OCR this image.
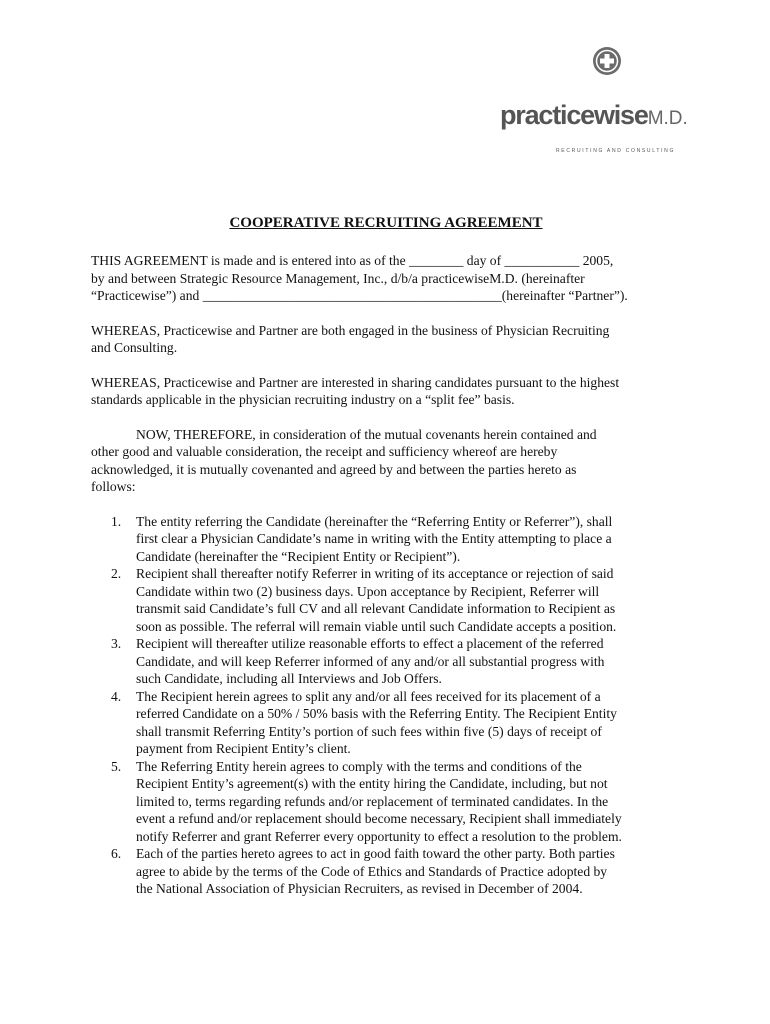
practicewiseM.D.
RECRUITING AND CONSULTING
COOPERATIVE RECRUITING AGREEMENT
THIS AGREEMENT is made and is entered into as of the ________ day of ___________ 2005,
by and between Strategic Resource Management, Inc., d/b/a practicewiseM.D. (hereinafter
“Practicewise”) and ____________________________________________(hereinafter “Partner”).
WHEREAS, Practicewise and Partner are both engaged in the business of Physician Recruiting
and Consulting.
WHEREAS, Practicewise and Partner are interested in sharing candidates pursuant to the highest
standards applicable in the physician recruiting industry on a “split fee” basis.
NOW, THEREFORE, in consideration of the mutual covenants herein contained and
other good and valuable consideration, the receipt and sufficiency whereof are hereby
acknowledged, it is mutually covenanted and agreed by and between the parties hereto as
follows:
1.	The entity referring the Candidate (hereinafter the “Referring Entity or Referrer”), shall
first clear a Physician Candidate’s name in writing with the Entity attempting to place a
Candidate (hereinafter the “Recipient Entity or Recipient”).
2.	Recipient shall thereafter notify Referrer in writing of its acceptance or rejection of said
Candidate within two (2) business days. Upon acceptance by Recipient, Referrer will
transmit said Candidate’s full CV and all relevant Candidate information to Recipient as
soon as possible. The referral will remain viable until such Candidate accepts a position.
3.	Recipient will thereafter utilize reasonable efforts to effect a placement of the referred
Candidate, and will keep Referrer informed of any and/or all substantial progress with
such Candidate, including all Interviews and Job Offers.
4.	The Recipient herein agrees to split any and/or all fees received for its placement of a
referred Candidate on a 50% / 50% basis with the Referring Entity. The Recipient Entity
shall transmit Referring Entity’s portion of such fees within five (5) days of receipt of
payment from Recipient Entity’s client.
5.	The Referring Entity herein agrees to comply with the terms and conditions of the
Recipient Entity’s agreement(s) with the entity hiring the Candidate, including, but not
limited to, terms regarding refunds and/or replacement of terminated candidates. In the
event a refund and/or replacement should become necessary, Recipient shall immediately
notify Referrer and grant Referrer every opportunity to effect a resolution to the problem.
6.	Each of the parties hereto agrees to act in good faith toward the other party. Both parties
agree to abide by the terms of the Code of Ethics and Standards of Practice adopted by
the National Association of Physician Recruiters, as revised in December of 2004.
